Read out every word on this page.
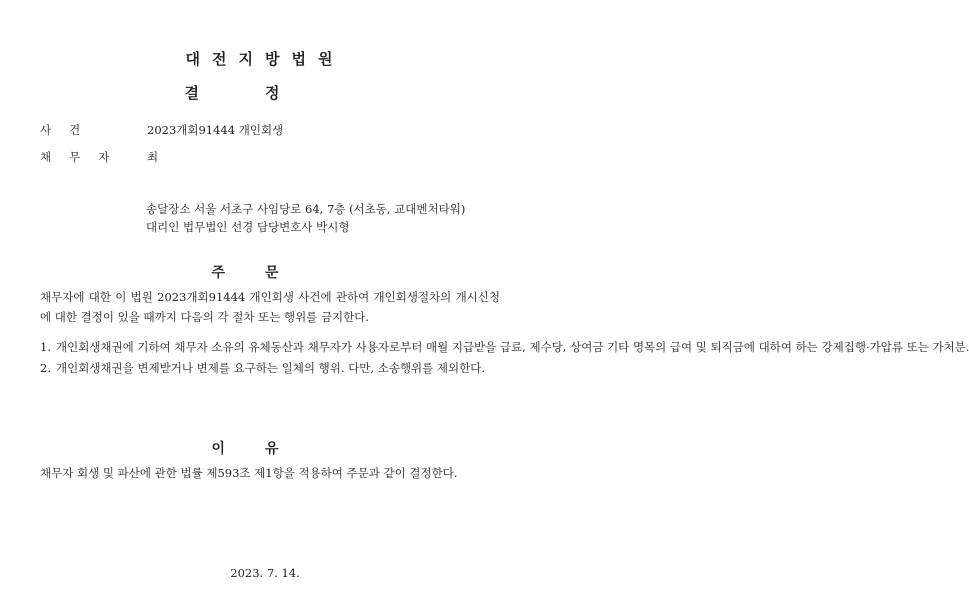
대전지방법원
결정
사건	2023개회91444 개인회생
채무자 최
송달장소 서울 서초구 사임당로 64, 7층 (서초동, 교대벤처타워)
대리인 법무법인 선경 담당변호사 박시형
주문
채무자에 대한 이 법원 2023개회91444 개인회생 사건에 관하여 개인회생절차의 개시신청에 대한 결정이 있을 때까지 다음의 각 절차 또는 행위를 금지한다.
1. 개인회생채권에 기하여 채무자 소유의 유체동산과 채무자가 사용자로부터 매월 지급받을 급료, 제수당, 상여금 기타 명목의 급여 및 퇴직금에 대하여 하는 강제집행·가압류 또는 가처분.
2. 개인회생채권을 변제받거나 변제를 요구하는 일체의 행위. 다만, 소송행위를 제외한다.
이유
채무자 회생 및 파산에 관한 법률 제593조 제1항을 적용하여 주문과 같이 결정한다.
2023. 7. 14.
